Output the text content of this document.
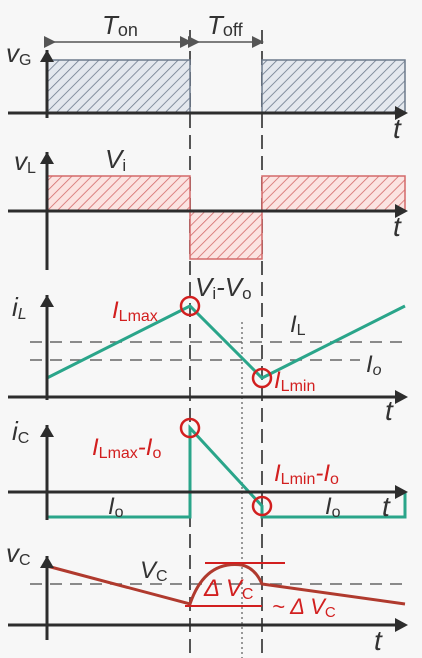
Ton	Toff
vG
t
vL	Vi
t
Vi-Vo
iL	ILmax
ILmin
IL
Io
t
iC	ILmax-Io
ILmin-Io
Io	Io t
vC	VC Δ VC ~ Δ VC
t
